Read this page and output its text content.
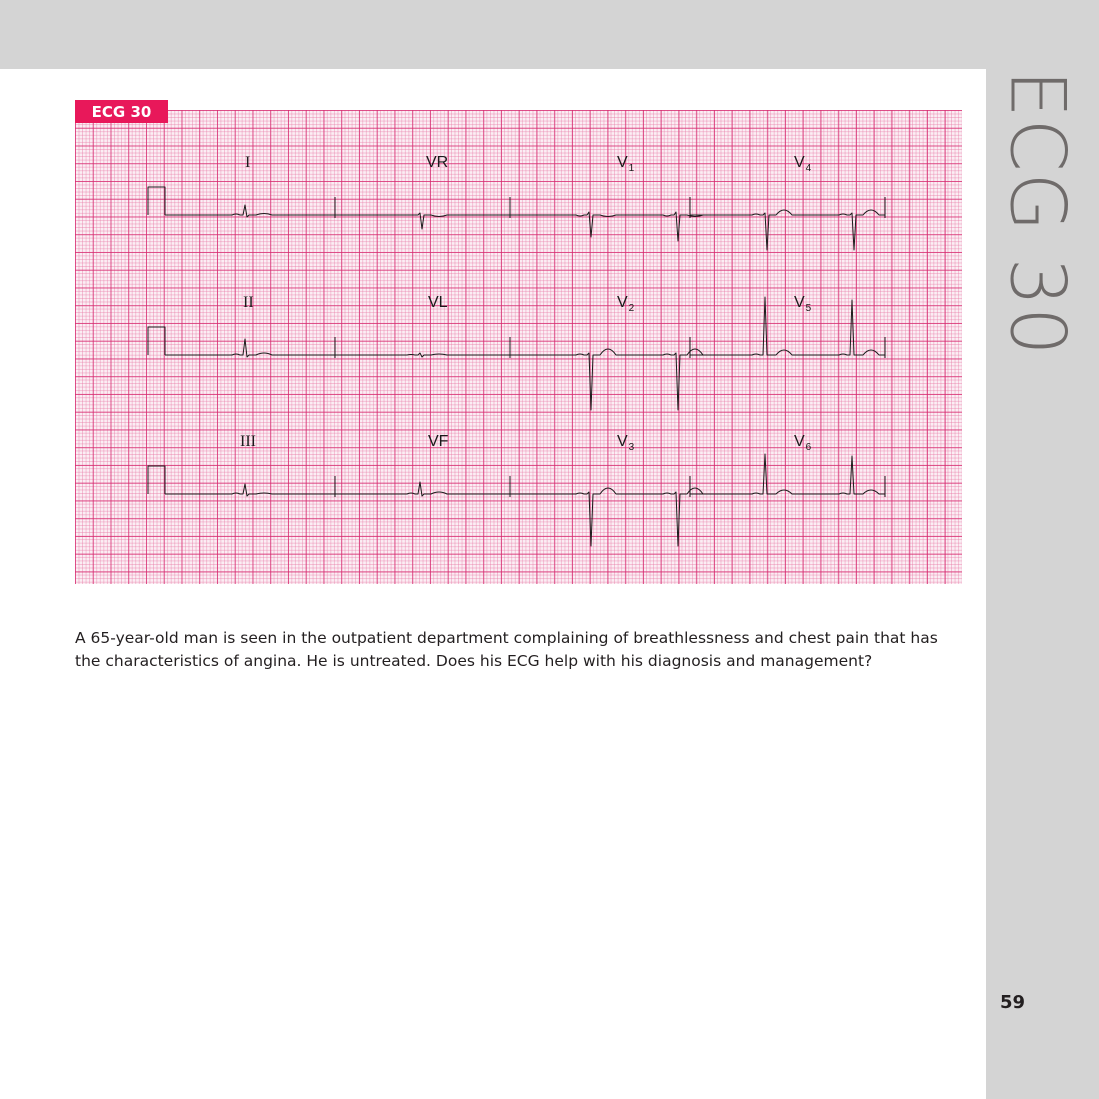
ECG 30
ECG 30
I	VR	$V_1$	$V_4$
II	VL	$V_2$	$V_5$
III	VF	$V_3$	$V_6$

A 65-year-old man is seen in the outpatient department complaining of breathlessness and chest pain that has the characteristics of angina. He is untreated. Does his ECG help with his diagnosis and management?

59
